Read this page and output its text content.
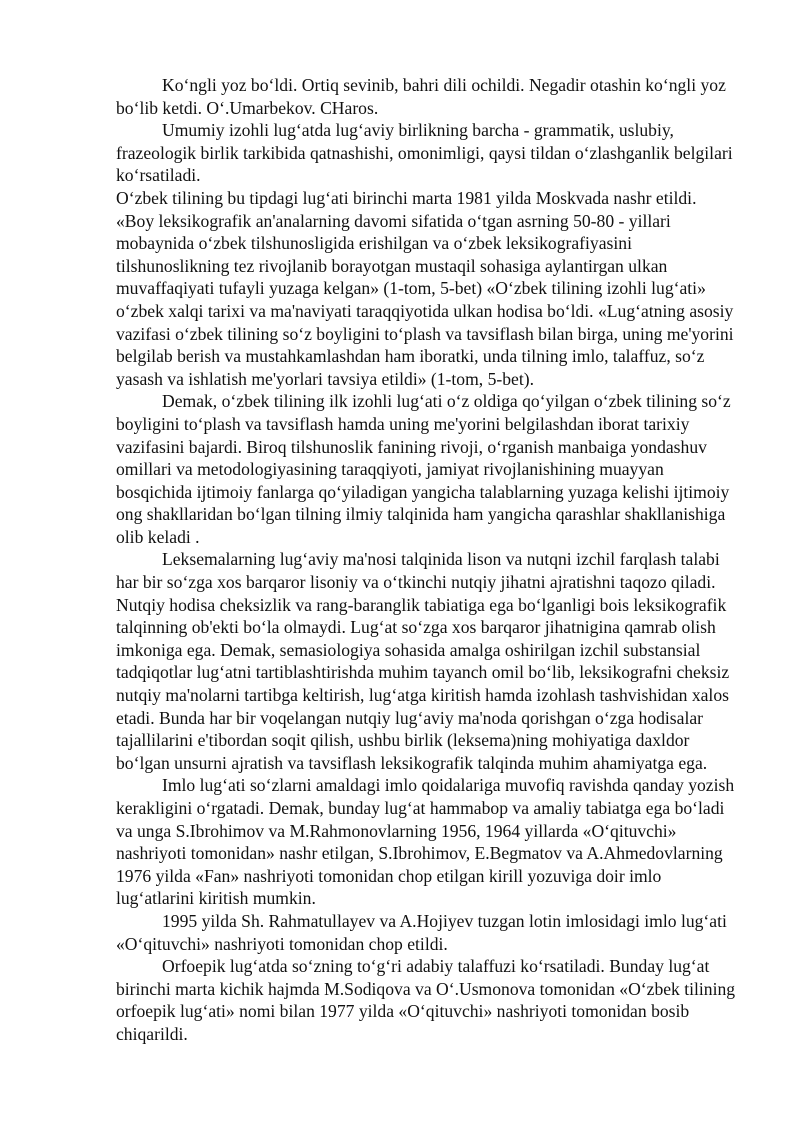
Ko‘ngli yoz bo‘ldi. Ortiq sevinib, bahri dili ochildi. Negadir otashin ko‘ngli yoz bo‘lib ketdi. O‘.Umarbekov. CHaros.

Umumiy izohli lug‘atda lug‘aviy birlikning barcha - grammatik, uslubiy, frazeologik birlik tarkibida qatnashishi, omonimligi, qaysi tildan o‘zlashganlik belgilari ko‘rsatiladi.

O‘zbek tilining bu tipdagi lug‘ati birinchi marta 1981 yilda Moskvada nashr etildi. «Boy leksikografik an'analarning davomi sifatida o‘tgan asrning 50-80 - yillari mobaynida o‘zbek tilshunosligida erishilgan va o‘zbek leksikografiyasini tilshunoslikning tez rivojlanib borayotgan mustaqil sohasiga aylantirgan ulkan muvaffaqiyati tufayli yuzaga kelgan» (1-tom, 5-bet) «O‘zbek tilining izohli lug‘ati» o‘zbek xalqi tarixi va ma'naviyati taraqqiyotida ulkan hodisa bo‘ldi. «Lug‘atning asosiy vazifasi o‘zbek tilining so‘z boyligini to‘plash va tavsiflash bilan birga, uning me'yorini belgilab berish va mustahkamlashdan ham iboratki, unda tilning imlo, talaffuz, so‘z yasash va ishlatish me'yorlari tavsiya etildi» (1-tom, 5-bet).

Demak, o‘zbek tilining ilk izohli lug‘ati o‘z oldiga qo‘yilgan o‘zbek tilining so‘z boyligini to‘plash va tavsiflash hamda uning me'yorini belgilashdan iborat tarixiy vazifasini bajardi. Biroq tilshunoslik fanining rivoji, o‘rganish manbaiga yondashuv omillari va metodologiyasining taraqqiyoti, jamiyat rivojlanishining muayyan bosqichida ijtimoiy fanlarga qo‘yiladigan yangicha talablarning yuzaga kelishi ijtimoiy ong shakllaridan bo‘lgan tilning ilmiy talqinida ham yangicha qarashlar shakllanishiga olib keladi .

Leksemalarning lug‘aviy ma'nosi talqinida lison va nutqni izchil farqlash talabi har bir so‘zga xos barqaror lisoniy va o‘tkinchi nutqiy jihatni ajratishni taqozo qiladi. Nutqiy hodisa cheksizlik va rang-baranglik tabiatiga ega bo‘lganligi bois leksikografik talqinning ob'ekti bo‘la olmaydi. Lug‘at so‘zga xos barqaror jihatnigina qamrab olish imkoniga ega. Demak, semasiologiya sohasida amalga oshirilgan izchil substansial tadqiqotlar lug‘atni tartiblashtirishda muhim tayanch omil bo‘lib, leksikografni cheksiz nutqiy ma'nolarni tartibga keltirish, lug‘atga kiritish hamda izohlash tashvishidan xalos etadi. Bunda har bir voqelangan nutqiy lug‘aviy ma'noda qorishgan o‘zga hodisalar tajallilarini e'tibordan soqit qilish, ushbu birlik (leksema)ning mohiyatiga daxldor bo‘lgan unsurni ajratish va tavsiflash leksikografik talqinda muhim ahamiyatga ega.

Imlo lug‘ati so‘zlarni amaldagi imlo qoidalariga muvofiq ravishda qanday yozish kerakligini o‘rgatadi. Demak, bunday lug‘at hammabop va amaliy tabiatga ega bo‘ladi va unga S.Ibrohimov va M.Rahmonovlarning 1956, 1964 yillarda «O‘qituvchi» nashriyoti tomonidan» nashr etilgan, S.Ibrohimov, E.Begmatov va A.Ahmedovlarning 1976 yilda «Fan» nashriyoti tomonidan chop etilgan kirill yozuviga doir imlo lug‘atlarini kiritish mumkin.

1995 yilda Sh. Rahmatullayev va A.Hojiyev tuzgan lotin imlosidagi imlo lug‘ati «O‘qituvchi» nashriyoti tomonidan chop etildi.

Orfoepik lug‘atda so‘zning to‘g‘ri adabiy talaffuzi ko‘rsatiladi. Bunday lug‘at birinchi marta kichik hajmda M.Sodiqova va O‘.Usmonova tomonidan «O‘zbek tilining orfoepik lug‘ati» nomi bilan 1977 yilda «O‘qituvchi» nashriyoti tomonidan bosib chiqarildi.
